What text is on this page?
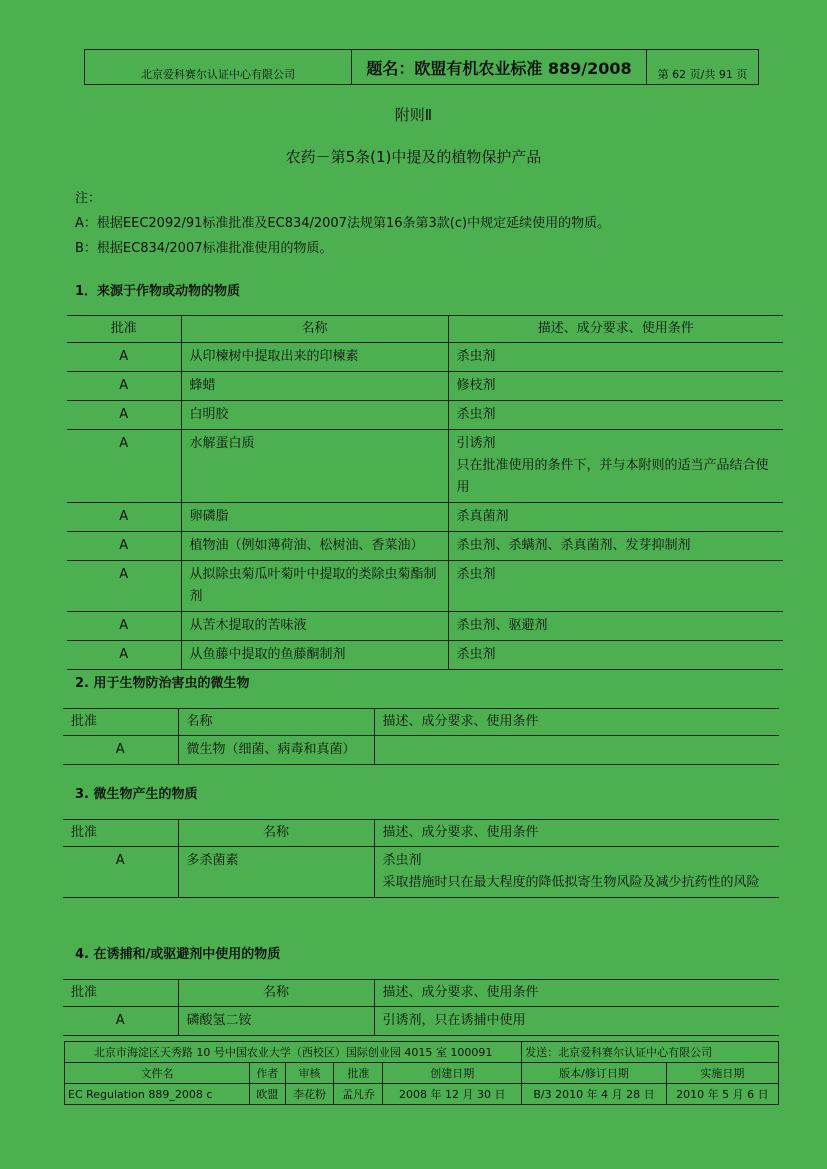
北京爱科赛尔认证中心有限公司	题名：欧盟有机农业标准 889/2008	第 62 页/共 91 页
附则Ⅱ
农药－第5条(1)中提及的植物保护产品
注：
A：根据EEC2092/91标准批准及EC834/2007法规第16条第3款(c)中规定延续使用的物质。
B：根据EC834/2007标准批准使用的物质。
1．来源于作物或动物的物质
批准	名称	描述、成分要求、使用条件
A	从印楝树中提取出来的印楝素	杀虫剂
A	蜂蜡	修枝剂
A	白明胶	杀虫剂
A	水解蛋白质	引诱剂
只在批准使用的条件下，并与本附则的适当产品结合使用

A	卵磷脂	杀真菌剂
A	植物油（例如薄荷油、松树油、香菜油）	杀虫剂、杀螨剂、杀真菌剂、发芽抑制剂
A	从拟除虫菊瓜叶菊叶中提取的类除虫菊酯制剂	杀虫剂
A	从苦木提取的苦味液	杀虫剂、驱避剂
A	从鱼藤中提取的鱼藤酮制剂	杀虫剂
2. 用于生物防治害虫的微生物
批准	名称	描述、成分要求、使用条件
A	微生物（细菌、病毒和真菌）	
3. 微生物产生的物质
批准	名称	描述、成分要求、使用条件
A	多杀菌素	杀虫剂
采取措施时只在最大程度的降低拟寄生物风险及减少抗药性的风险
4. 在诱捕和/或驱避剂中使用的物质
批准	名称	描述、成分要求、使用条件
A	磷酸氢二铵	引诱剂，只在诱捕中使用
北京市海淀区天秀路 10 号中国农业大学（西校区）国际创业园 4015 室 100091					发送：北京爱科赛尔认证中心有限公司	
文件名	作者	审核	批准	创建日期	版本/修订日期	实施日期
EC Regulation 889_2008 c	欧盟	李花粉	孟凡乔	2008 年 12 月 30 日	B/3 2010 年 4 月 28 日	2010 年 5 月 6 日
